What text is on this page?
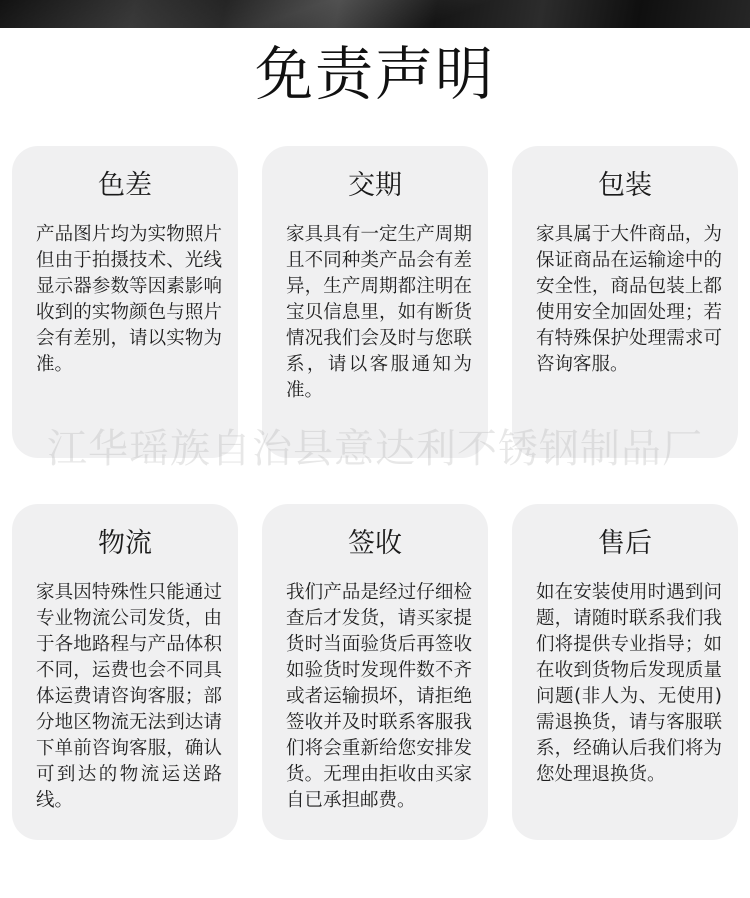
免责声明
色差
产品图片均为实物照片但由于拍摄技术、光线显示器参数等因素影响收到的实物颜色与照片会有差别，请以实物为准。
交期
家具具有一定生产周期且不同种类产品会有差异，生产周期都注明在宝贝信息里，如有断货情况我们会及时与您联系，请以客服通知为准。
包装
家具属于大件商品，为保证商品在运输途中的安全性，商品包装上都使用安全加固处理；若有特殊保护处理需求可咨询客服。
物流
家具因特殊性只能通过专业物流公司发货，由于各地路程与产品体积不同，运费也会不同具体运费请咨询客服；部分地区物流无法到达请下单前咨询客服，确认可到达的物流运送路线。
签收
我们产品是经过仔细检查后才发货，请买家提货时当面验货后再签收如验货时发现件数不齐或者运输损坏，请拒绝签收并及时联系客服我们将会重新给您安排发货。无理由拒收由买家自已承担邮费。
售后
如在安装使用时遇到问题，请随时联系我们我们将提供专业指导；如在收到货物后发现质量问题(非人为、无使用)需退换货，请与客服联系，经确认后我们将为您处理退换货。
江华瑶族自治县意达利不锈钢制品厂
